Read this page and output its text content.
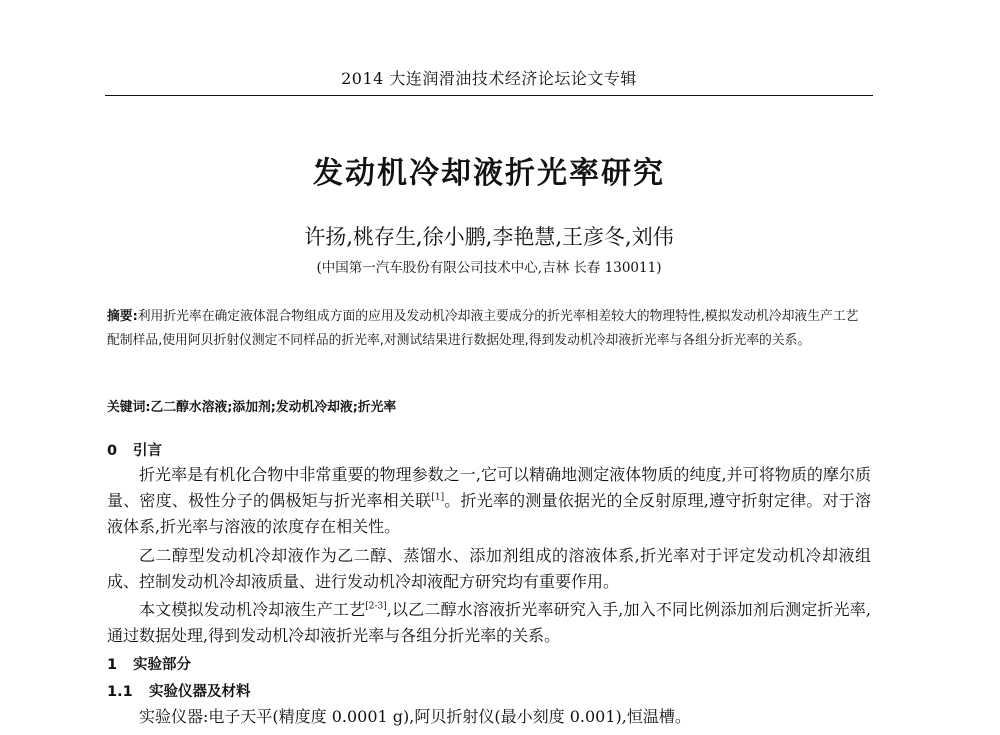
2014 大连润滑油技术经济论坛论文专辑
发动机冷却液折光率研究
许扬,桃存生,徐小鹏,李艳慧,王彦冬,刘伟
(中国第一汽车股份有限公司技术中心,吉林 长春 130011)
摘要:利用折光率在确定液体混合物组成方面的应用及发动机冷却液主要成分的折光率相差较大的物理特性,模拟发动机冷却液生产工艺配制样品,使用阿贝折射仪测定不同样品的折光率,对测试结果进行数据处理,得到发动机冷却液折光率与各组分折光率的关系。
关键词:乙二醇水溶液;添加剂;发动机冷却液;折光率
0 引言
折光率是有机化合物中非常重要的物理参数之一,它可以精确地测定液体物质的纯度,并可将物质的摩尔质量、密度、极性分子的偶极矩与折光率相关联[1]。折光率的测量依据光的全反射原理,遵守折射定律。对于溶液体系,折光率与溶液的浓度存在相关性。
乙二醇型发动机冷却液作为乙二醇、蒸馏水、添加剂组成的溶液体系,折光率对于评定发动机冷却液组成、控制发动机冷却液质量、进行发动机冷却液配方研究均有重要作用。
本文模拟发动机冷却液生产工艺[2-3],以乙二醇水溶液折光率研究入手,加入不同比例添加剂后测定折光率,通过数据处理,得到发动机冷却液折光率与各组分折光率的关系。
1 实验部分
1.1 实验仪器及材料
实验仪器:电子天平(精度度 0.0001 g),阿贝折射仪(最小刻度 0.001),恒温槽。
